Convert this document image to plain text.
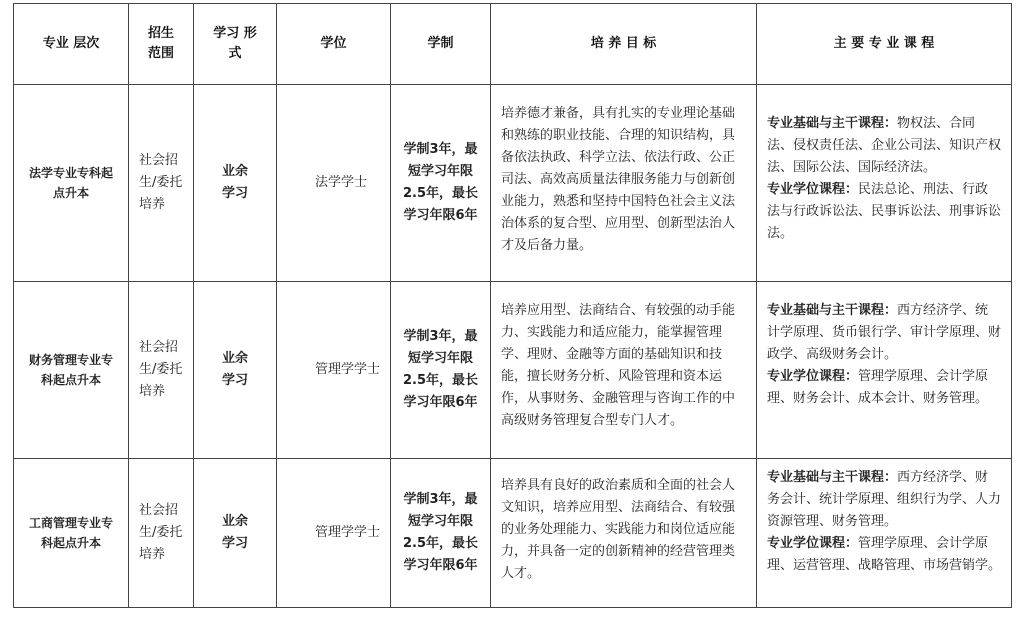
专业 层次	招生范围	学习 形式	学位	学制	培 养 目 标	主 要 专 业 课 程
法学专业专科起点升本	社会招生/委托培养	业余学习	法学学士	学制3年，最短学习年限2.5年，最长学习年限6年	培养德才兼备，具有扎实的专业理论基础和熟练的职业技能、合理的知识结构，具备依法执政、科学立法、依法行政、公正司法、高效高质量法律服务能力与创新创业能力，熟悉和坚持中国特色社会主义法治体系的复合型、应用型、创新型法治人才及后备力量。	专业基础与主干课程：物权法、合同法、侵权责任法、企业公司法、知识产权法、国际公法、国际经济法。
专业学位课程：民法总论、刑法、行政法与行政诉讼法、民事诉讼法、刑事诉讼法。

财务管理专业专科起点升本	社会招生/委托培养	业余学习	管理学学士	学制3年，最短学习年限2.5年，最长学习年限6年	培养应用型、法商结合、有较强的动手能力、实践能力和适应能力，能掌握管理学、理财、金融等方面的基础知识和技能，擅长财务分析、风险管理和资本运作，从事财务、金融管理与咨询工作的中高级财务管理复合型专门人才。	专业基础与主干课程：西方经济学、统计学原理、货币银行学、审计学原理、财政学、高级财务会计。
专业学位课程：管理学原理、会计学原理、财务会计、成本会计、财务管理。

工商管理专业专科起点升本	社会招生/委托培养	业余学习	管理学学士	学制3年，最短学习年限2.5年，最长学习年限6年	培养具有良好的政治素质和全面的社会人文知识，培养应用型、法商结合、有较强的业务处理能力、实践能力和岗位适应能力，并具备一定的创新精神的经营管理类人才。	专业基础与主干课程：西方经济学、财务会计、统计学原理、组织行为学、人力资源管理、财务管理。
专业学位课程：管理学原理、会计学原理、运营管理、战略管理、市场营销学。
